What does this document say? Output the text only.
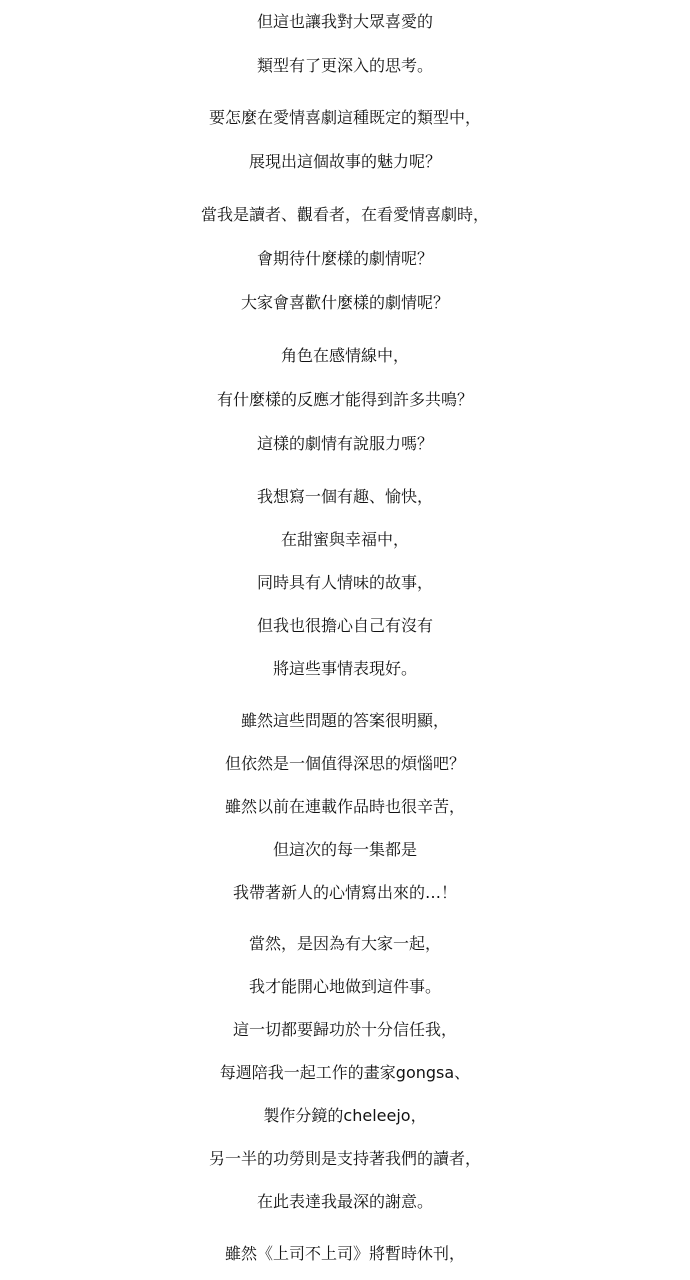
但這也讓我對大眾喜愛的
類型有了更深入的思考。
要怎麼在愛情喜劇這種既定的類型中，
展現出這個故事的魅力呢？
當我是讀者、觀看者，在看愛情喜劇時，
會期待什麼樣的劇情呢？
大家會喜歡什麼樣的劇情呢？
角色在感情線中，
有什麼樣的反應才能得到許多共鳴？
這樣的劇情有說服力嗎？
我想寫一個有趣、愉快，
在甜蜜與幸福中，
同時具有人情味的故事，
但我也很擔心自己有沒有
將這些事情表現好。
雖然這些問題的答案很明顯，
但依然是一個值得深思的煩惱吧？
雖然以前在連載作品時也很辛苦，
但這次的每一集都是
我帶著新人的心情寫出來的…！
當然，是因為有大家一起，
我才能開心地做到這件事。
這一切都要歸功於十分信任我，
每週陪我一起工作的畫家gongsa、
製作分鏡的cheleejo，
另一半的功勞則是支持著我們的讀者，
在此表達我最深的謝意。
雖然《上司不上司》將暫時休刊，
